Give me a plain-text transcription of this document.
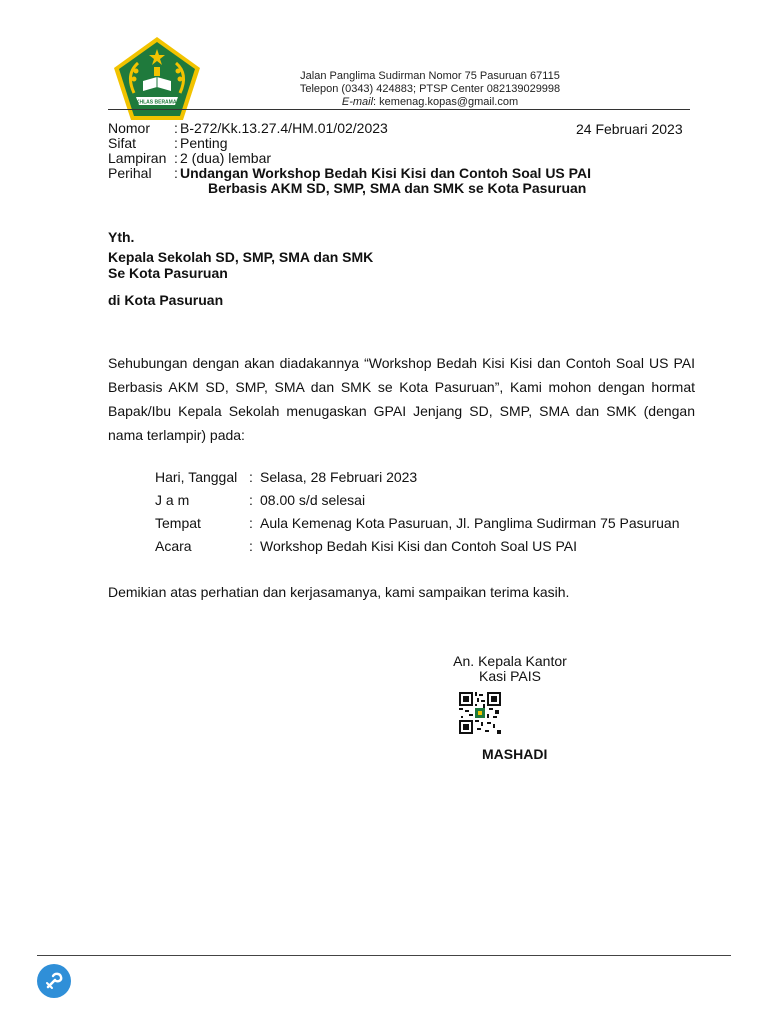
IKHLAS BERAMAL
Jalan Panglima Sudirman Nomor 75 Pasuruan 67115
Telepon (0343) 424883; PTSP Center 082139029998
E-mail: kemenag.kopas@gmail.com
Nomor	: B-272/Kk.13.27.4/HM.01/02/2023
Sifat	: Penting
Lampiran : 2 (dua) lembar
Perihal	: Undangan Workshop Bedah Kisi Kisi dan Contoh Soal US PAI
Berbasis AKM SD, SMP, SMA dan SMK se Kota Pasuruan
24 Februari 2023
Yth.
Kepala Sekolah SD, SMP, SMA dan SMK
Se Kota Pasuruan
di Kota Pasuruan
Sehubungan dengan akan diadakannya “Workshop Bedah Kisi Kisi dan Contoh Soal US PAI Berbasis AKM SD, SMP, SMA dan SMK se Kota Pasuruan”, Kami mohon dengan hormat Bapak/Ibu Kepala Sekolah menugaskan GPAI Jenjang SD, SMP, SMA dan SMK (dengan nama terlampir) pada:
Hari, Tanggal : Selasa, 28 Februari 2023
J a m	: 08.00 s/d selesai
Tempat	: Aula Kemenag Kota Pasuruan, Jl. Panglima Sudirman 75 Pasuruan
Acara	: Workshop Bedah Kisi Kisi dan Contoh Soal US PAI
Demikian atas perhatian dan kerjasamanya, kami sampaikan terima kasih.
An. Kepala Kantor
Kasi PAIS
MASHADI
